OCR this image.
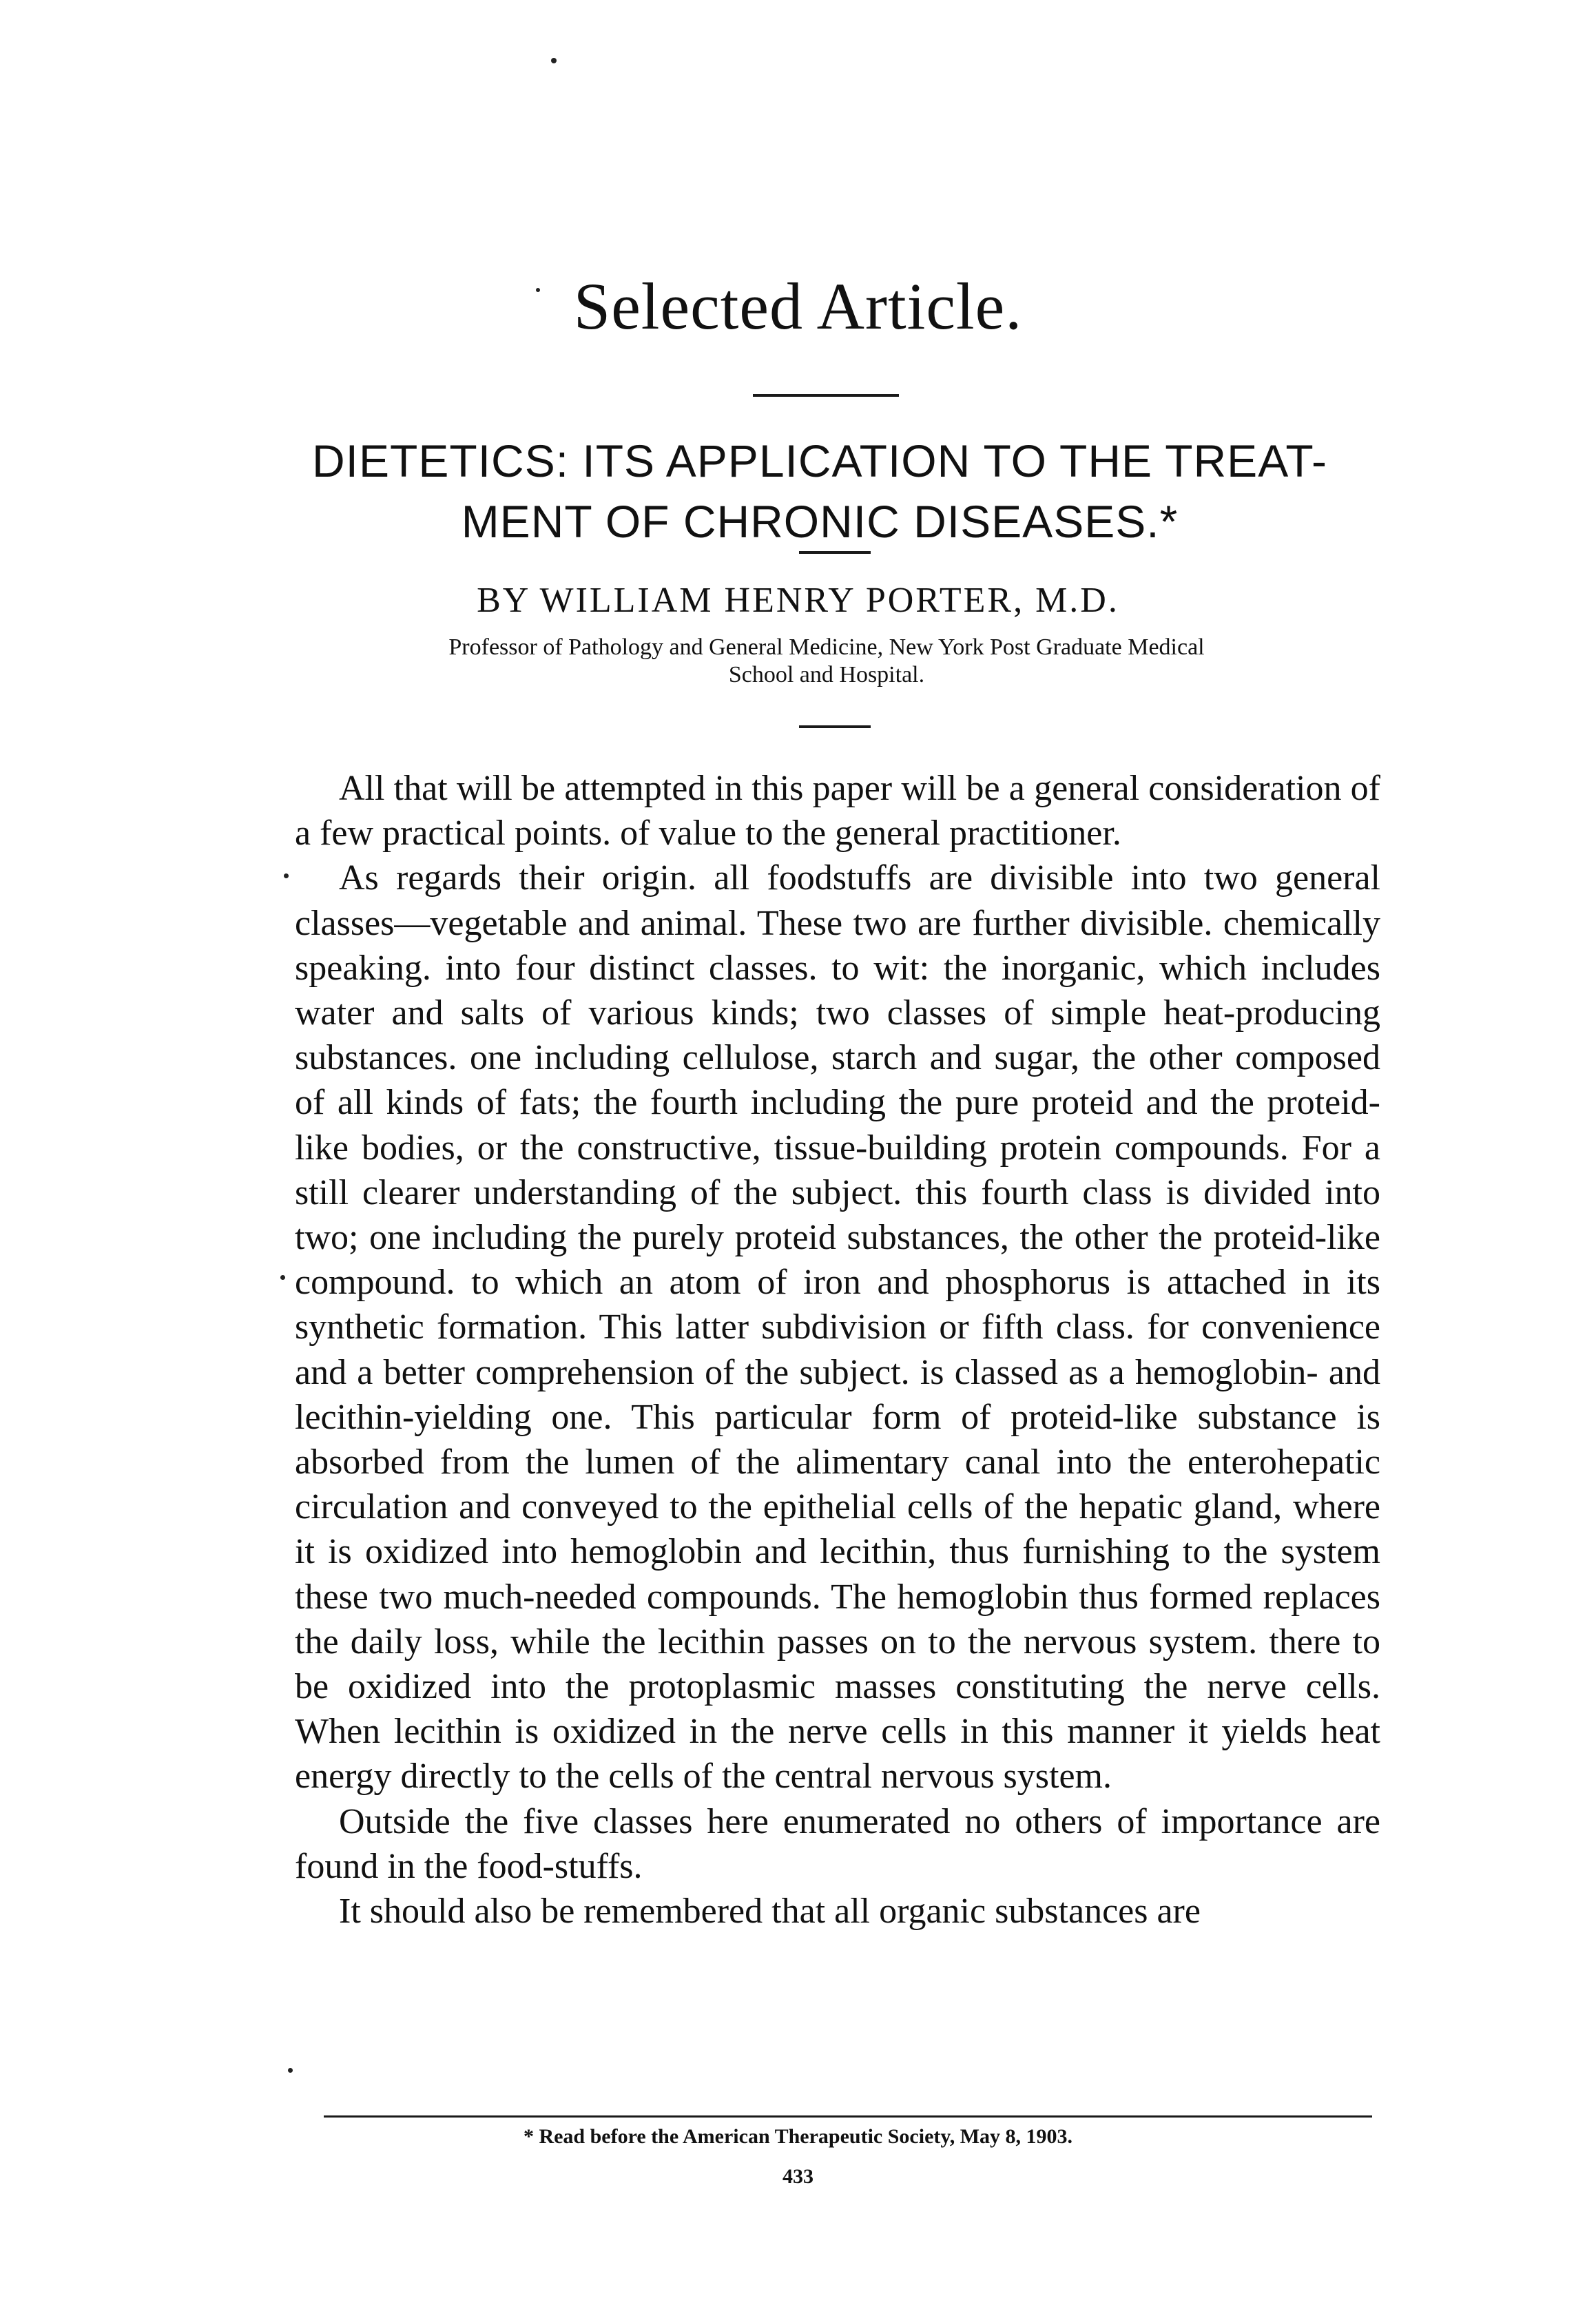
Selected Article.
DIETETICS: ITS APPLICATION TO THE TREAT-
MENT OF CHRONIC DISEASES.*
BY WILLIAM HENRY PORTER, M.D.
Professor of Pathology and General Medicine, New York Post Graduate Medical
School and Hospital.

All that will be attempted in this paper will be a general consideration of a few practical points. of value to the general practitioner.

As regards their origin. all foodstuffs are divisible into two general classes—vegetable and animal. These two are further divisible. chemically speaking. into four distinct classes. to wit: the inorganic, which includes water and salts of various kinds; two classes of simple heat-producing substances. one including cellulose, starch and sugar, the other composed of all kinds of fats; the fourth including the pure proteid and the proteid-like bodies, or the constructive, tissue-building protein compounds. For a still clearer understanding of the subject. this fourth class is divided into two; one including the purely proteid substances, the other the proteid-like compound. to which an atom of iron and phosphorus is attached in its synthetic formation. This latter subdivision or fifth class. for convenience and a better comprehension of the subject. is classed as a hemoglobin- and lecithin-yielding one. This particular form of proteid-like substance is absorbed from the lumen of the alimentary canal into the enterohepatic circulation and conveyed to the epithelial cells of the hepatic gland, where it is oxidized into hemoglobin and lecithin, thus furnishing to the system these two much-needed compounds. The hemoglobin thus formed replaces the daily loss, while the lecithin passes on to the nervous system. there to be oxidized into the protoplasmic masses constituting the nerve cells. When lecithin is oxidized in the nerve cells in this manner it yields heat energy directly to the cells of the central nervous system.

Outside the five classes here enumerated no others of importance are found in the food-stuffs.

It should also be remembered that all organic substances are

* Read before the American Therapeutic Society, May 8, 1903.
433
